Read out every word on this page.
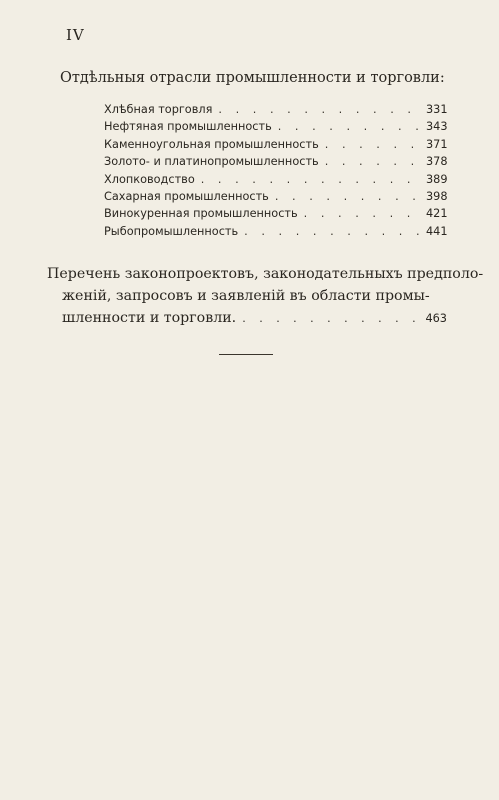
IV
Отдѣльныя отрасли промышленности и торговли:
Хлѣбная торговля . . .	331
Нефтяная промышленность . . .	343
Каменноугольная промышленность . . .	371
Золото- и платинопромышленность . . .	378
Хлопководство . . .	389
Сахарная промышленность . . .	398
Винокуренная промышленность . . .	421
Рыбопромышленность . . .	441
Перечень законопроектовъ, законодательныхъ предполо-
женій, запросовъ и заявленій въ области промы-
шленности и торговли. . . .	463
